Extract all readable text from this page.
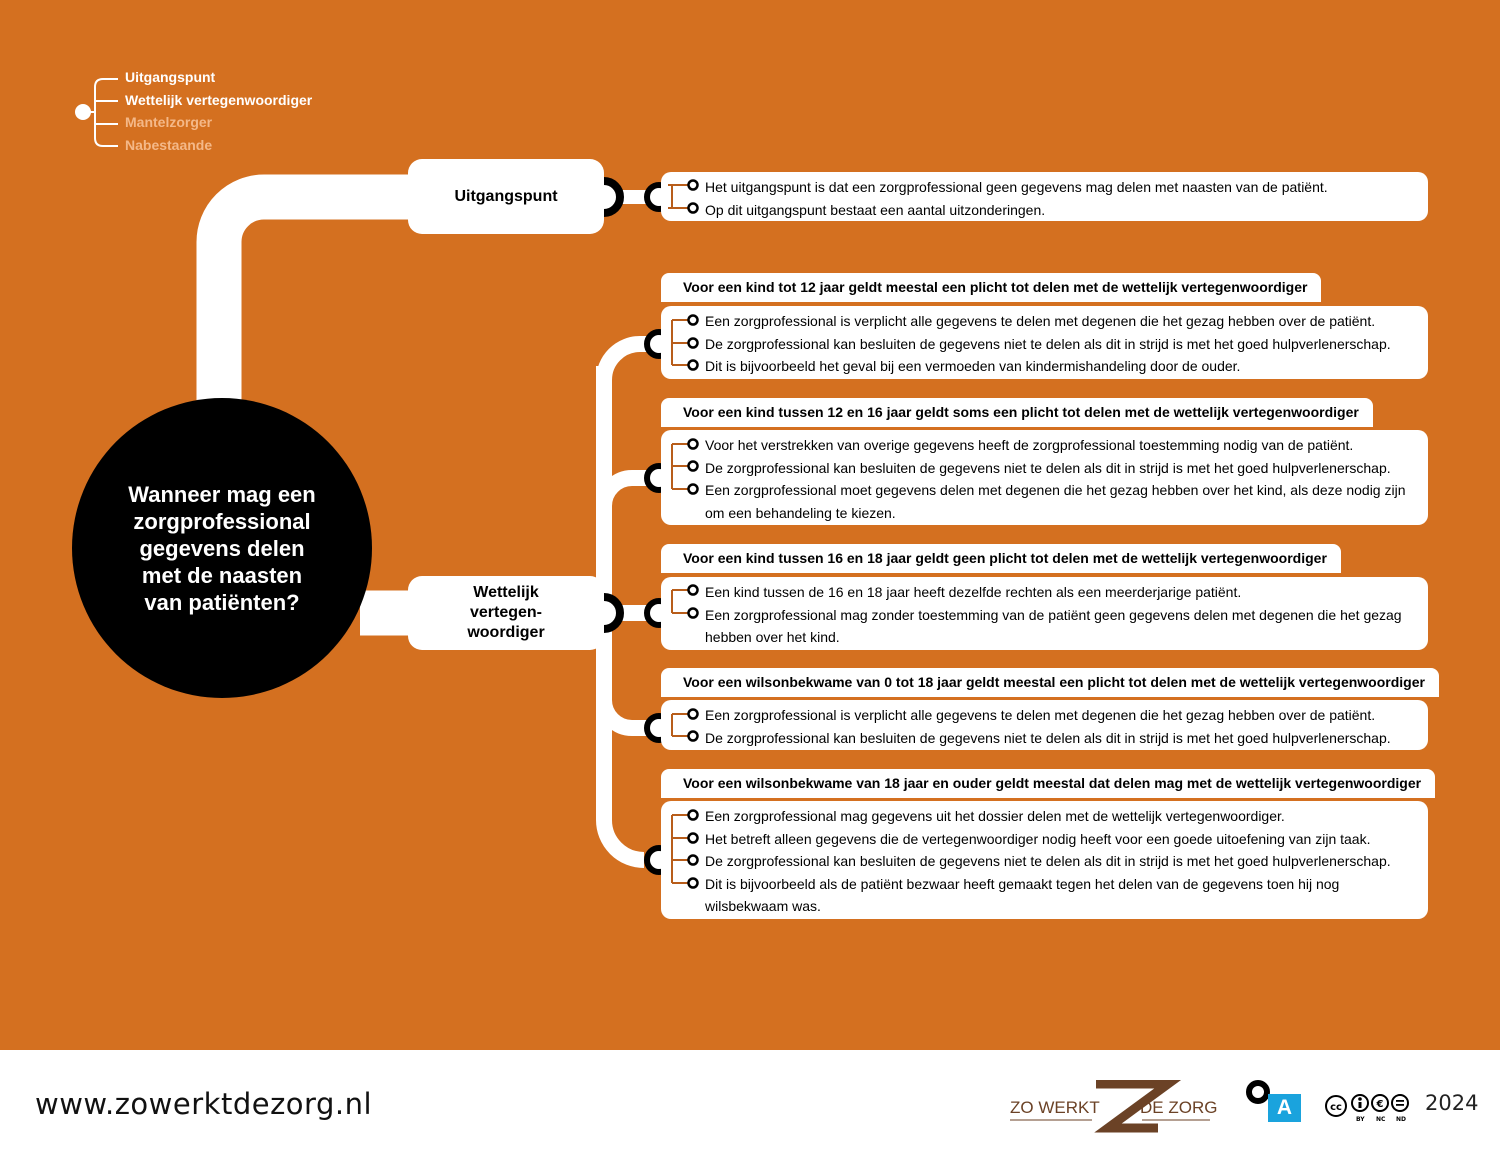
Uitgangspunt
Wettelijk vertegenwoordiger
Mantelzorger
Nabestaande
Wanneer mag een zorgprofessional gegevens delen met de naasten van patiënten?
Uitgangspunt
Wettelijk vertegen-woordiger

Het uitgangspunt is dat een zorgprofessional geen gegevens mag delen met naasten van de patiënt.

Op dit uitgangspunt bestaat een aantal uitzonderingen.

Voor een kind tot 12 jaar geldt meestal een plicht tot delen met de wettelijk vertegenwoordiger

Een zorgprofessional is verplicht alle gegevens te delen met degenen die het gezag hebben over de patiënt.

De zorgprofessional kan besluiten de gegevens niet te delen als dit in strijd is met het goed hulpverlenerschap.

Dit is bijvoorbeeld het geval bij een vermoeden van kindermishandeling door de ouder.

Voor een kind tussen 12 en 16 jaar geldt soms een plicht tot delen met de wettelijk vertegenwoordiger

Voor het verstrekken van overige gegevens heeft de zorgprofessional toestemming nodig van de patiënt.

De zorgprofessional kan besluiten de gegevens niet te delen als dit in strijd is met het goed hulpverlenerschap.

Een zorgprofessional moet gegevens delen met degenen die het gezag hebben over het kind, als deze nodig zijn om een behandeling te kiezen.

Voor een kind tussen 16 en 18 jaar geldt geen plicht tot delen met de wettelijk vertegenwoordiger

Een kind tussen de 16 en 18 jaar heeft dezelfde rechten als een meerderjarige patiënt.

Een zorgprofessional mag zonder toestemming van de patiënt geen gegevens delen met degenen die het gezag hebben over het kind.

Voor een wilsonbekwame van 0 tot 18 jaar geldt meestal een plicht tot delen met de wettelijk vertegenwoordiger

Een zorgprofessional is verplicht alle gegevens te delen met degenen die het gezag hebben over de patiënt.

De zorgprofessional kan besluiten de gegevens niet te delen als dit in strijd is met het goed hulpverlenerschap.

Voor een wilsonbekwame van 18 jaar en ouder geldt meestal dat delen mag met de wettelijk vertegenwoordiger

Een zorgprofessional mag gegevens uit het dossier delen met de wettelijk vertegenwoordiger.

Het betreft alleen gegevens die de vertegenwoordiger nodig heeft voor een goede uitoefening van zijn taak.

De zorgprofessional kan besluiten de gegevens niet te delen als dit in strijd is met het goed hulpverlenerschap.

Dit is bijvoorbeeld als de patiënt bezwaar heeft gemaakt tegen het delen van de gegevens toen hij nog wilsbekwaam was.

www.zowerktdezorg.nl	ZO WERKT DE ZORG	A	cc	€
BY NC ND
2024
